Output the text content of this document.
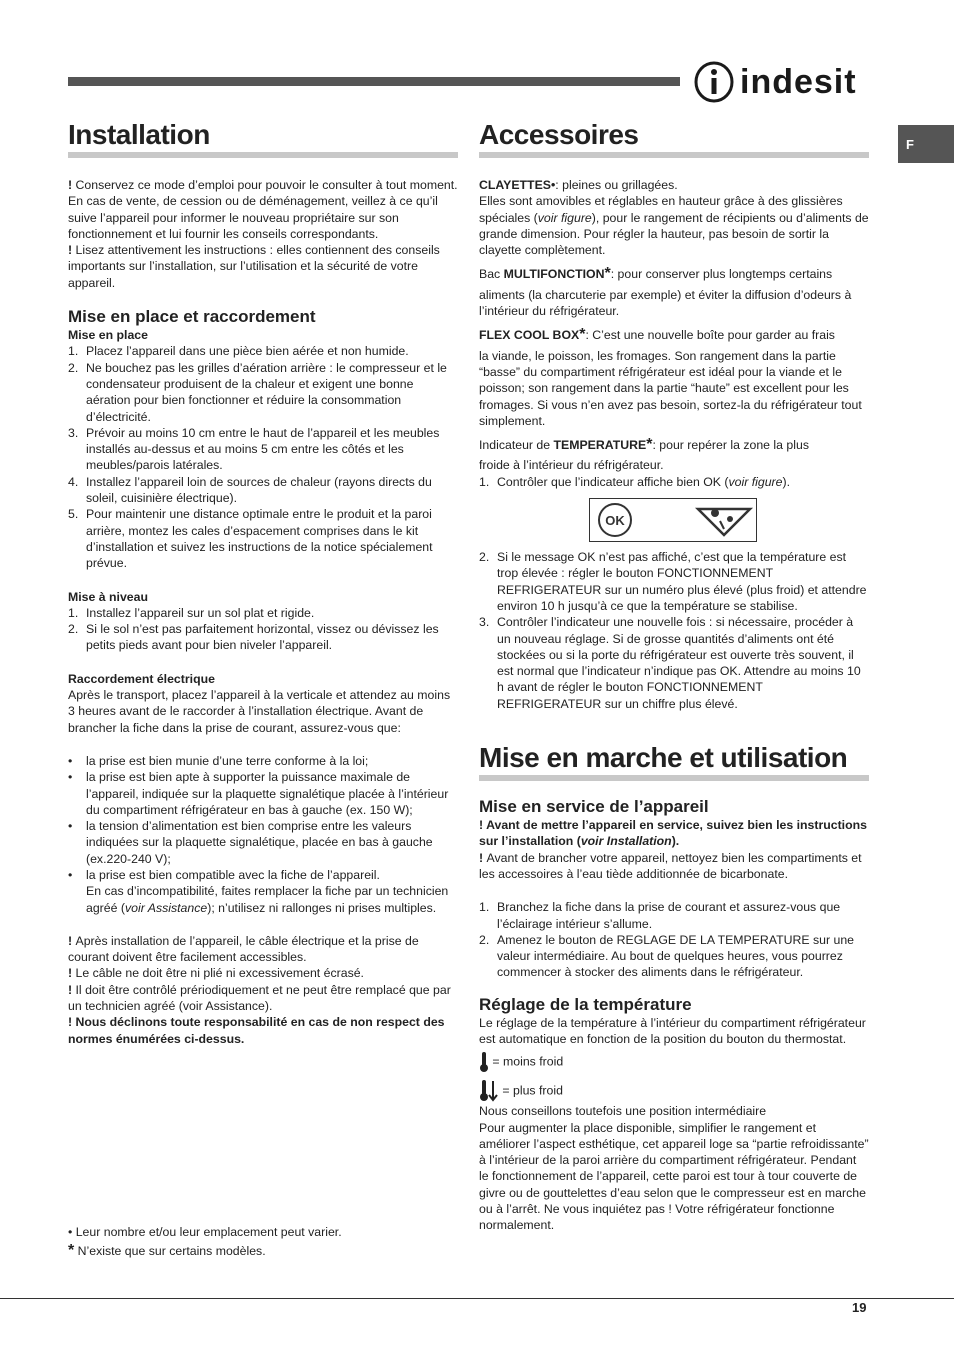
indesit
F
Installation

! Conservez ce mode d’emploi pour pouvoir le consulter à tout moment. En cas de vente, de cession ou de déménagement, veillez à ce qu’il suive l’appareil pour informer le nouveau propriétaire sur son fonctionnement et lui fournir les conseils correspondants.

! Lisez attentivement les instructions : elles contiennent des conseils importants sur l’installation, sur l’utilisation et la sécurité de votre appareil.

Mise en place et raccordement
Mise en place
1. Placez l’appareil dans une pièce bien aérée et non humide.
2. Ne bouchez pas les grilles d’aération arrière : le compresseur et le condensateur produisent de la chaleur et exigent une bonne aération pour bien fonctionner et réduire la consommation d’électricité.
3. Prévoir au moins 10 cm entre le haut de l’appareil et les meubles installés au-dessus et au moins 5 cm entre les côtés et les meubles/parois latérales.
4. Installez l’appareil loin de sources de chaleur (rayons directs du soleil, cuisinière électrique).
5. Pour maintenir une distance optimale entre le produit et la paroi arrière, montez les cales d’espacement comprises dans le kit d’installation et suivez les instructions de la notice spécialement prévue.
Mise à niveau
1. Installez l’appareil sur un sol plat et rigide.
2. Si le sol n’est pas parfaitement horizontal, vissez ou dévissez les petits pieds avant pour bien niveler l’appareil.
Raccordement électrique

Après le transport, placez l’appareil à la verticale et attendez au moins 3 heures avant de le raccorder à l’installation électrique. Avant de brancher la fiche dans la prise de courant, assurez-vous que:

•	la prise est bien munie d’une terre conforme à la loi;
•	la prise est bien apte à supporter la puissance maximale de l’appareil, indiquée sur la plaquette signalétique placée à l’intérieur du compartiment réfrigérateur en bas à gauche (ex. 150 W);
•	la tension d’alimentation est bien comprise entre les valeurs indiquées sur la plaquette signalétique, placée en bas à gauche (ex.220-240 V);
•	la prise est bien compatible avec la fiche de l’appareil.
En cas d’incompatibilité, faites remplacer la fiche par un technicien agréé (voir Assistance); n’utilisez ni rallonges ni prises multiples.

! Après installation de l’appareil, le câble électrique et la prise de courant doivent être facilement accessibles.

! Le câble ne doit être ni plié ni excessivement écrasé.

! Il doit être contrôlé prériodiquement et ne peut être remplacé que par un technicien agréé (voir Assistance).

! Nous déclinons toute responsabilité en cas de non respect des normes énumérées ci-dessus.

• Leur nombre et/ou leur emplacement peut varier.
* N’existe que sur certains modèles.
Accessoires

CLAYETTES•: pleines ou grillagées.

Elles sont amovibles et réglables en hauteur grâce à des glissières spéciales (voir figure), pour le rangement de récipients ou d’aliments de grande dimension. Pour régler la hauteur, pas besoin de sortir la clayette complètement.

Bac MULTIFONCTION*: pour conserver plus longtemps certains

aliments (la charcuterie par exemple) et éviter la diffusion d’odeurs à l’intérieur du réfrigérateur.

FLEX COOL BOX*: C’est une nouvelle boîte pour garder au frais

la viande, le poisson, les fromages. Son rangement dans la partie “basse” du compartiment réfrigérateur est idéal pour la viande et le poisson; son rangement dans la partie “haute” est excellent pour les fromages. Si vous n’en avez pas besoin, sortez-la du réfrigérateur tout simplement.

Indicateur de TEMPERATURE*: pour repérer la zone la plus

froide à l’intérieur du réfrigérateur.

1. Contrôler que l’indicateur affiche bien OK (voir figure).
OK
2. Si le message OK n’est pas affiché, c’est que la température est trop élevée : régler le bouton FONCTIONNEMENT REFRIGERATEUR sur un numéro plus élevé (plus froid) et attendre environ 10 h jusqu’à ce que la température se stabilise.
3. Contrôler l’indicateur une nouvelle fois : si nécessaire, procéder à un nouveau réglage. Si de grosse quantités d’aliments ont été stockées ou si la porte du réfrigérateur est ouverte très souvent, il est normal que l’indicateur n’indique pas OK. Attendre au moins 10 h avant de régler le bouton FONCTIONNEMENT REFRIGERATEUR sur un chiffre plus élevé.
Mise en marche et utilisation
Mise en service de l’appareil

! Avant de mettre l’appareil en service, suivez bien les instructions sur l’installation (voir Installation).

! Avant de brancher votre appareil, nettoyez bien les compartiments et les accessoires à l’eau tiède additionnée de bicarbonate.

1. Branchez la fiche dans la prise de courant et assurez-vous que l’éclairage intérieur s’allume.
2. Amenez le bouton de REGLAGE DE LA TEMPERATURE sur une valeur intermédiaire. Au bout de quelques heures, vous pourrez commencer à stocker des aliments dans le réfrigérateur.
Réglage de la température

Le réglage de la température à l’intérieur du compartiment réfrigérateur est automatique en fonction de la position du bouton du thermostat.

= moins froid

= plus froid

Nous conseillons toutefois une position intermédiaire

Pour augmenter la place disponible, simplifier le rangement et améliorer l’aspect esthétique, cet appareil loge sa “partie refroidissante” à l’intérieur de la paroi arrière du compartiment réfrigérateur. Pendant le fonctionnement de l’appareil, cette paroi est tour à tour couverte de givre ou de gouttelettes d’eau selon que le compresseur est en marche ou à l’arrêt. Ne vous inquiétez pas ! Votre réfrigérateur fonctionne normalement.

19
